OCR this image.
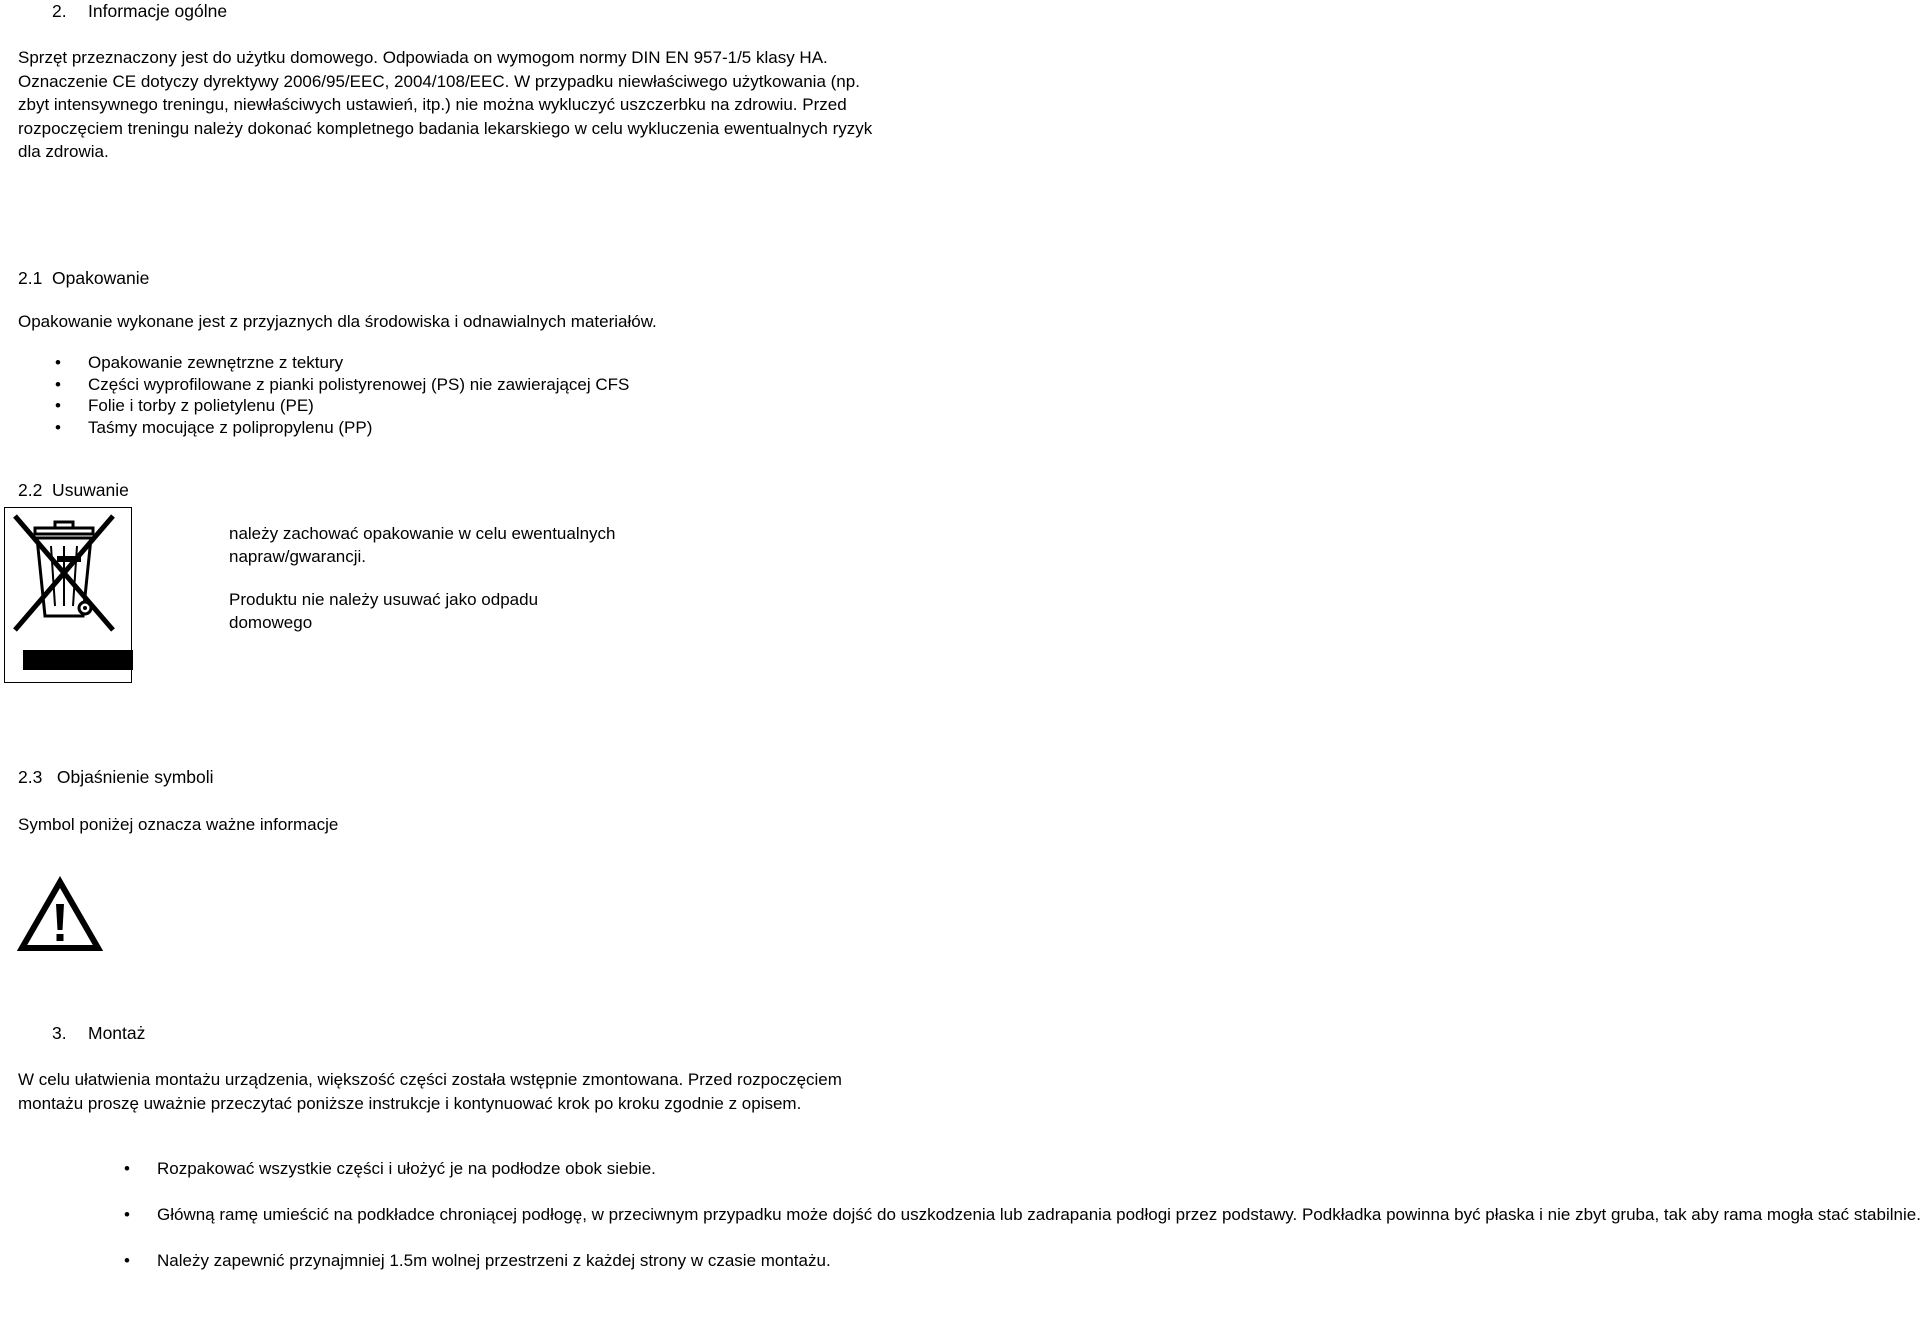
2. Informacje ogólne
Sprzęt przeznaczony jest do użytku domowego. Odpowiada on wymogom normy DIN EN 957-1/5 klasy HA.
Oznaczenie CE dotyczy dyrektywy 2006/95/EEC, 2004/108/EEC. W przypadku niewłaściwego użytkowania (np.
zbyt intensywnego treningu, niewłaściwych ustawień, itp.) nie można wykluczyć uszczerbku na zdrowiu. Przed
rozpoczęciem treningu należy dokonać kompletnego badania lekarskiego w celu wykluczenia ewentualnych ryzyk
dla zdrowia.
2.1  Opakowanie
Opakowanie wykonane jest z przyjaznych dla środowiska i odnawialnych materiałów.
• Opakowanie zewnętrzne z tektury
• Części wyprofilowane z pianki polistyrenowej (PS) nie zawierającej CFS
• Folie i torby z polietylenu (PE)
• Taśmy mocujące z polipropylenu (PP)
2.2  Usuwanie
należy zachować opakowanie w celu ewentualnych
napraw/gwarancji.
Produktu nie należy usuwać jako odpadu
domowego
2.3   Objaśnienie symboli
Symbol poniżej oznacza ważne informacje
3. Montaż
W celu ułatwienia montażu urządzenia, większość części została wstępnie zmontowana. Przed rozpoczęciem
montażu proszę uważnie przeczytać poniższe instrukcje i kontynuować krok po kroku zgodnie z opisem.
• Rozpakować wszystkie części i ułożyć je na podłodze obok siebie.
• Główną ramę umieścić na podkładce chroniącej podłogę, w przeciwnym przypadku może dojść do uszkodzenia lub zadrapania podłogi przez podstawy. Podkładka powinna być płaska i nie zbyt gruba, tak aby rama mogła stać stabilnie.
• Należy zapewnić przynajmniej 1.5m wolnej przestrzeni z każdej strony w czasie montażu.
